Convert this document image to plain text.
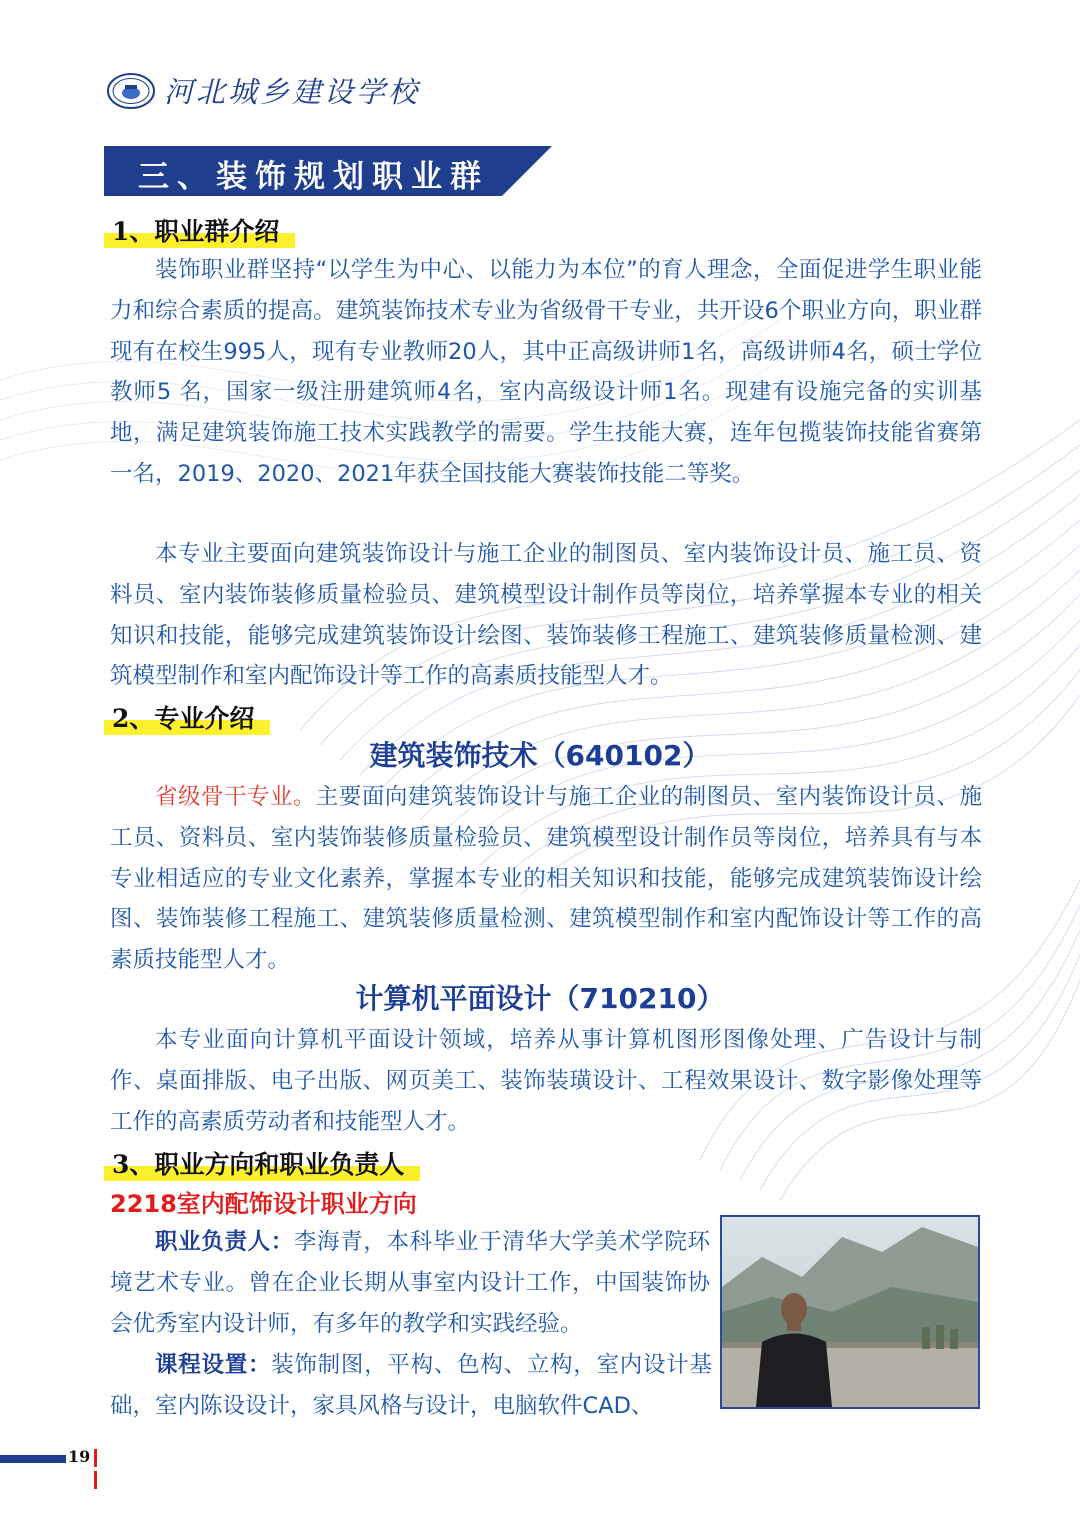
河北城乡建设学校
三、装饰规划职业群
1、职业群介绍

装饰职业群坚持“以学生为中心、以能力为本位”的育人理念，全面促进学生职业能力和综合素质的提高。建筑装饰技术专业为省级骨干专业，共开设6个职业方向，职业群现有在校生995人，现有专业教师20人，其中正高级讲师1名，高级讲师4名，硕士学位教师5 名，国家一级注册建筑师4名，室内高级设计师1名。现建有设施完备的实训基地，满足建筑装饰施工技术实践教学的需要。学生技能大赛，连年包揽装饰技能省赛第一名，2019、2020、2021年获全国技能大赛装饰技能二等奖。

本专业主要面向建筑装饰设计与施工企业的制图员、室内装饰设计员、施工员、资料员、室内装饰装修质量检验员、建筑模型设计制作员等岗位，培养掌握本专业的相关知识和技能，能够完成建筑装饰设计绘图、装饰装修工程施工、建筑装修质量检测、建筑模型制作和室内配饰设计等工作的高素质技能型人才。

2、专业介绍
建筑装饰技术（640102）

省级骨干专业。主要面向建筑装饰设计与施工企业的制图员、室内装饰设计员、施工员、资料员、室内装饰装修质量检验员、建筑模型设计制作员等岗位，培养具有与本专业相适应的专业文化素养，掌握本专业的相关知识和技能，能够完成建筑装饰设计绘图、装饰装修工程施工、建筑装修质量检测、建筑模型制作和室内配饰设计等工作的高素质技能型人才。

计算机平面设计（710210）

本专业面向计算机平面设计领域，培养从事计算机图形图像处理、广告设计与制作、桌面排版、电子出版、网页美工、装饰装璜设计、工程效果设计、数字影像处理等工作的高素质劳动者和技能型人才。

3、职业方向和职业负责人
2218室内配饰设计职业方向

职业负责人：李海青，本科毕业于清华大学美术学院环境艺术专业。曾在企业长期从事室内设计工作，中国装饰协会优秀室内设计师，有多年的教学和实践经验。

课程设置：装饰制图，平构、色构、立构，室内设计基础，室内陈设设计，家具风格与设计，电脑软件CAD、

19
